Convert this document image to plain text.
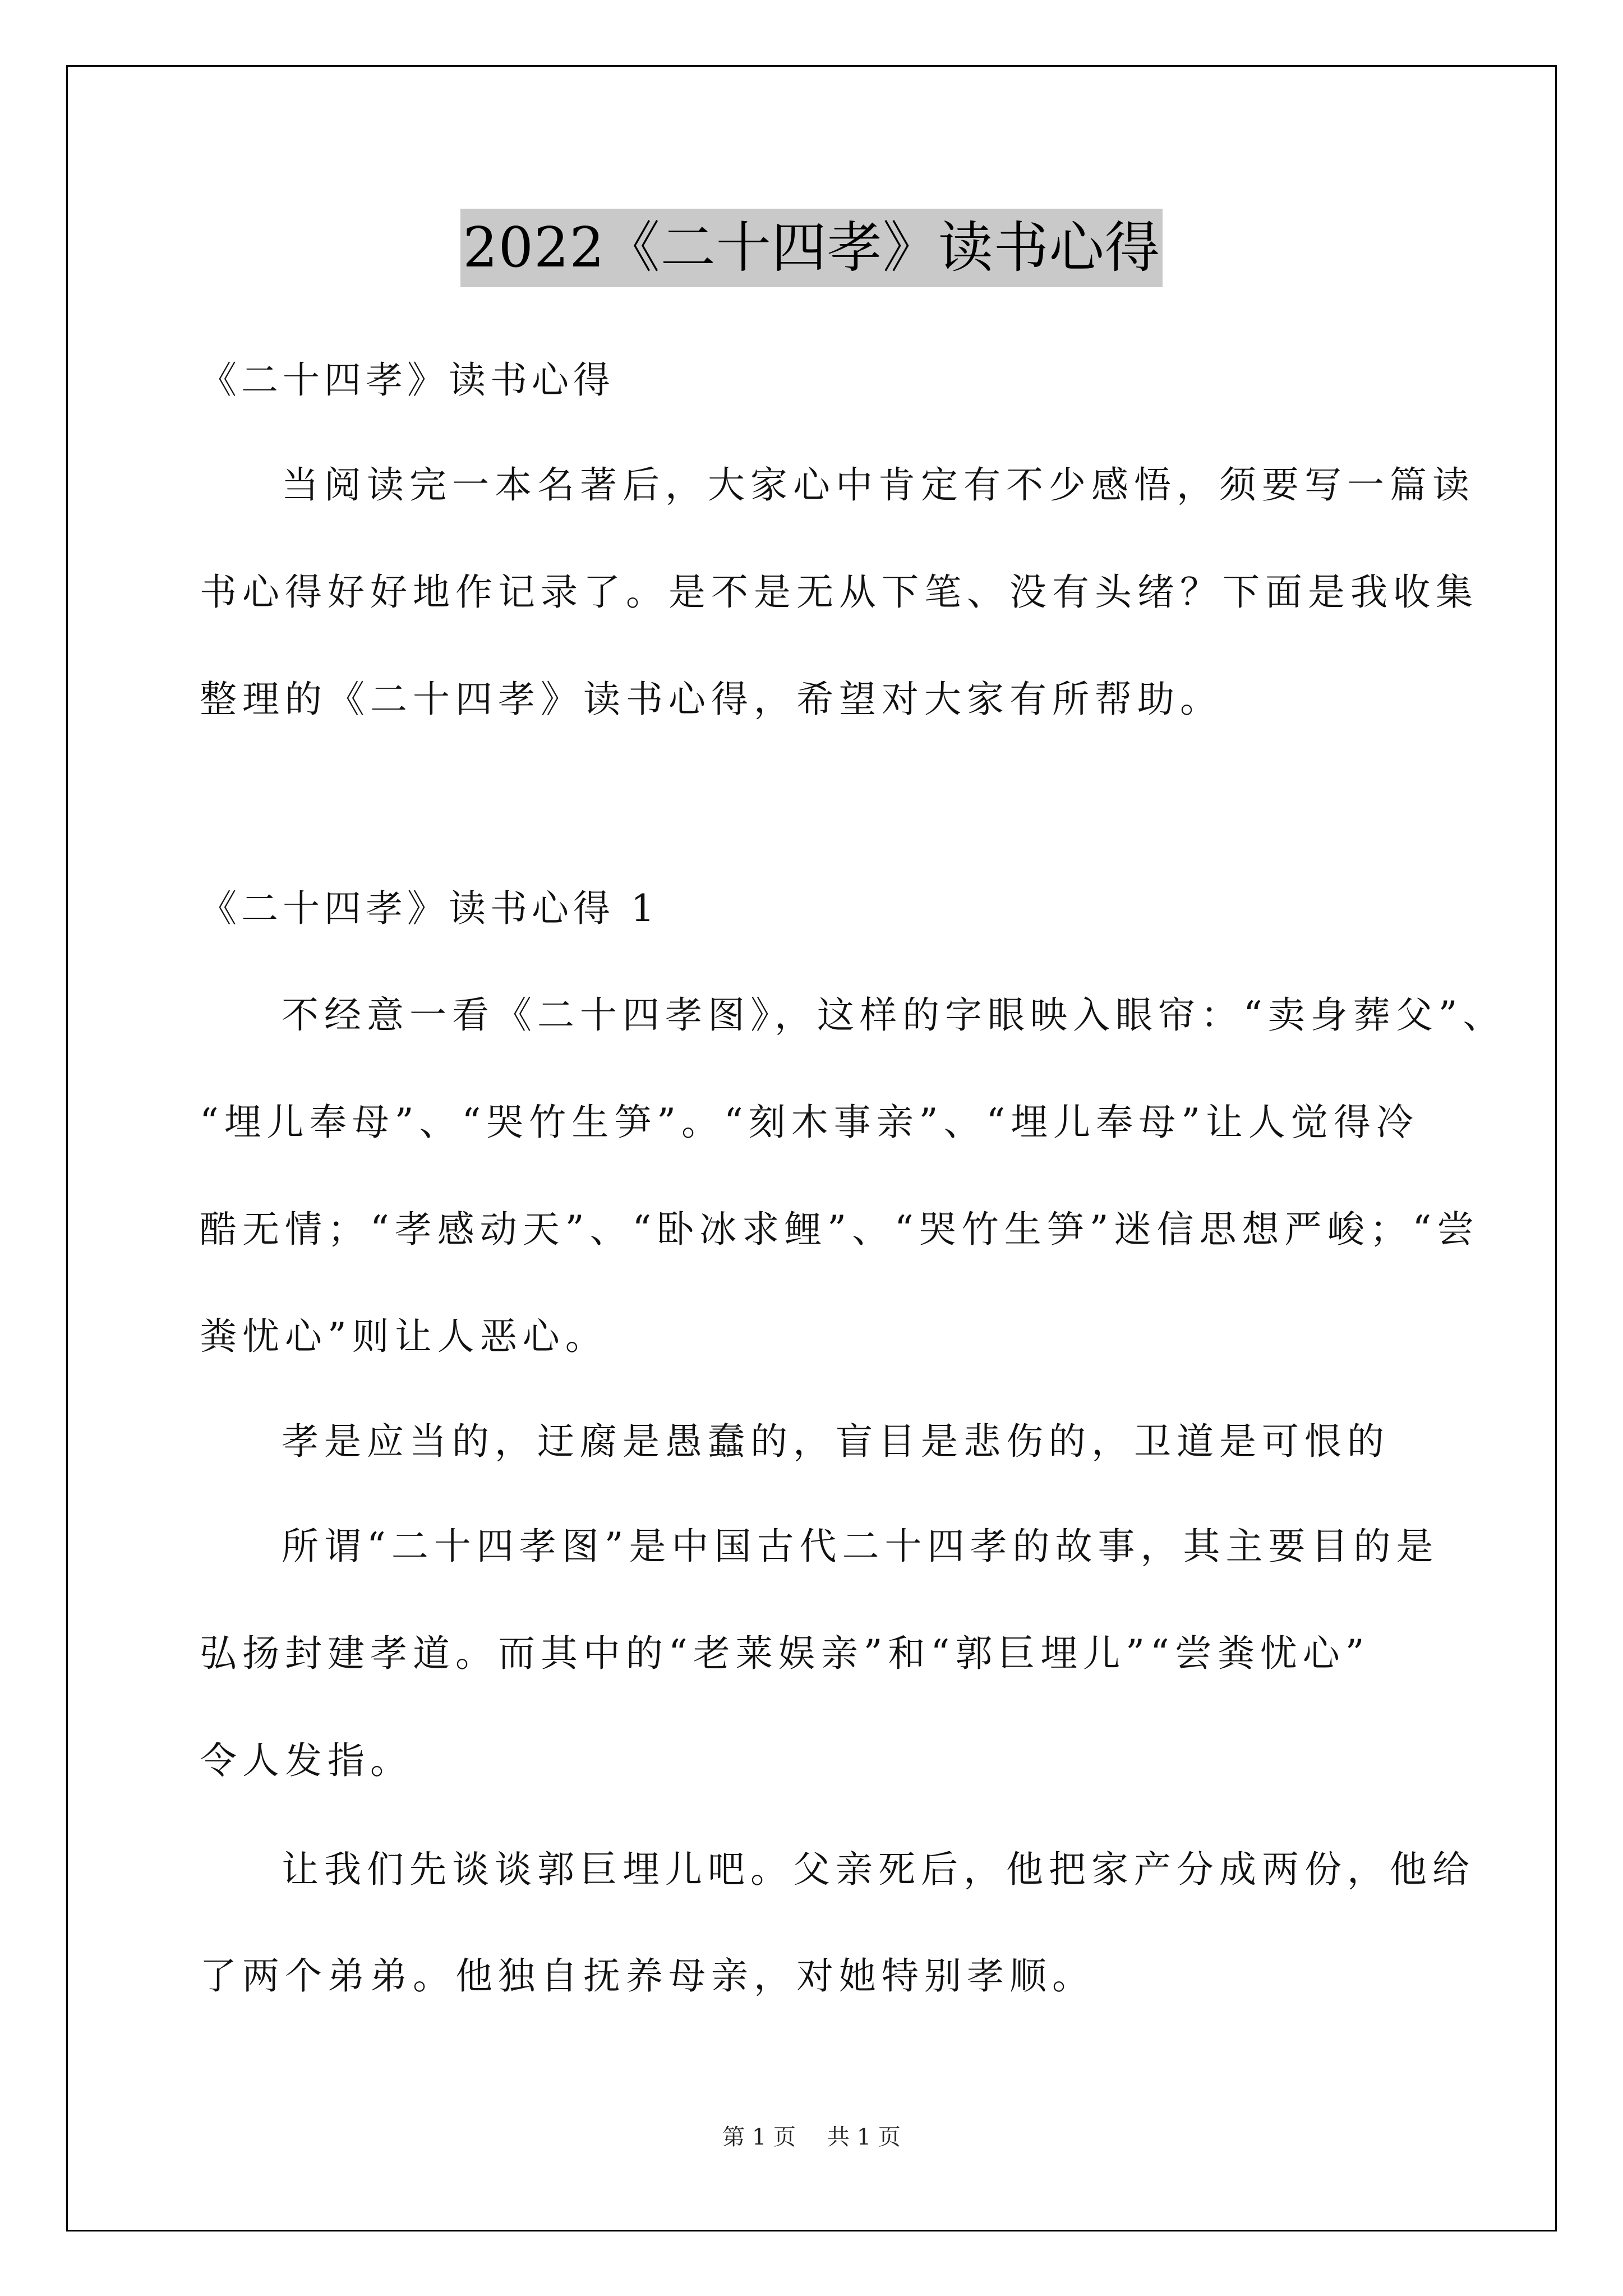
2022《二十四孝》读书心得
《二十四孝》读书心得
当阅读完一本名著后，大家心中肯定有不少感悟，须要写一篇读
书心得好好地作记录了。是不是无从下笔、没有头绪？下面是我收集
整理的《二十四孝》读书心得，希望对大家有所帮助。
《二十四孝》读书心得 1
不经意一看《二十四孝图》，这样的字眼映入眼帘：“卖身葬父”、
“埋儿奉母”、“哭竹生笋”。“刻木事亲”、“埋儿奉母”让人觉得冷
酷无情；“孝感动天”、“卧冰求鲤”、“哭竹生笋”迷信思想严峻；“尝
粪忧心”则让人恶心。
孝是应当的，迂腐是愚蠢的，盲目是悲伤的，卫道是可恨的
所谓“二十四孝图”是中国古代二十四孝的故事，其主要目的是
弘扬封建孝道。而其中的“老莱娱亲”和“郭巨埋儿”“尝粪忧心”
令人发指。
让我们先谈谈郭巨埋儿吧。父亲死后，他把家产分成两份，他给
了两个弟弟。他独自抚养母亲，对她特别孝顺。
第 1 页 共 1 页
